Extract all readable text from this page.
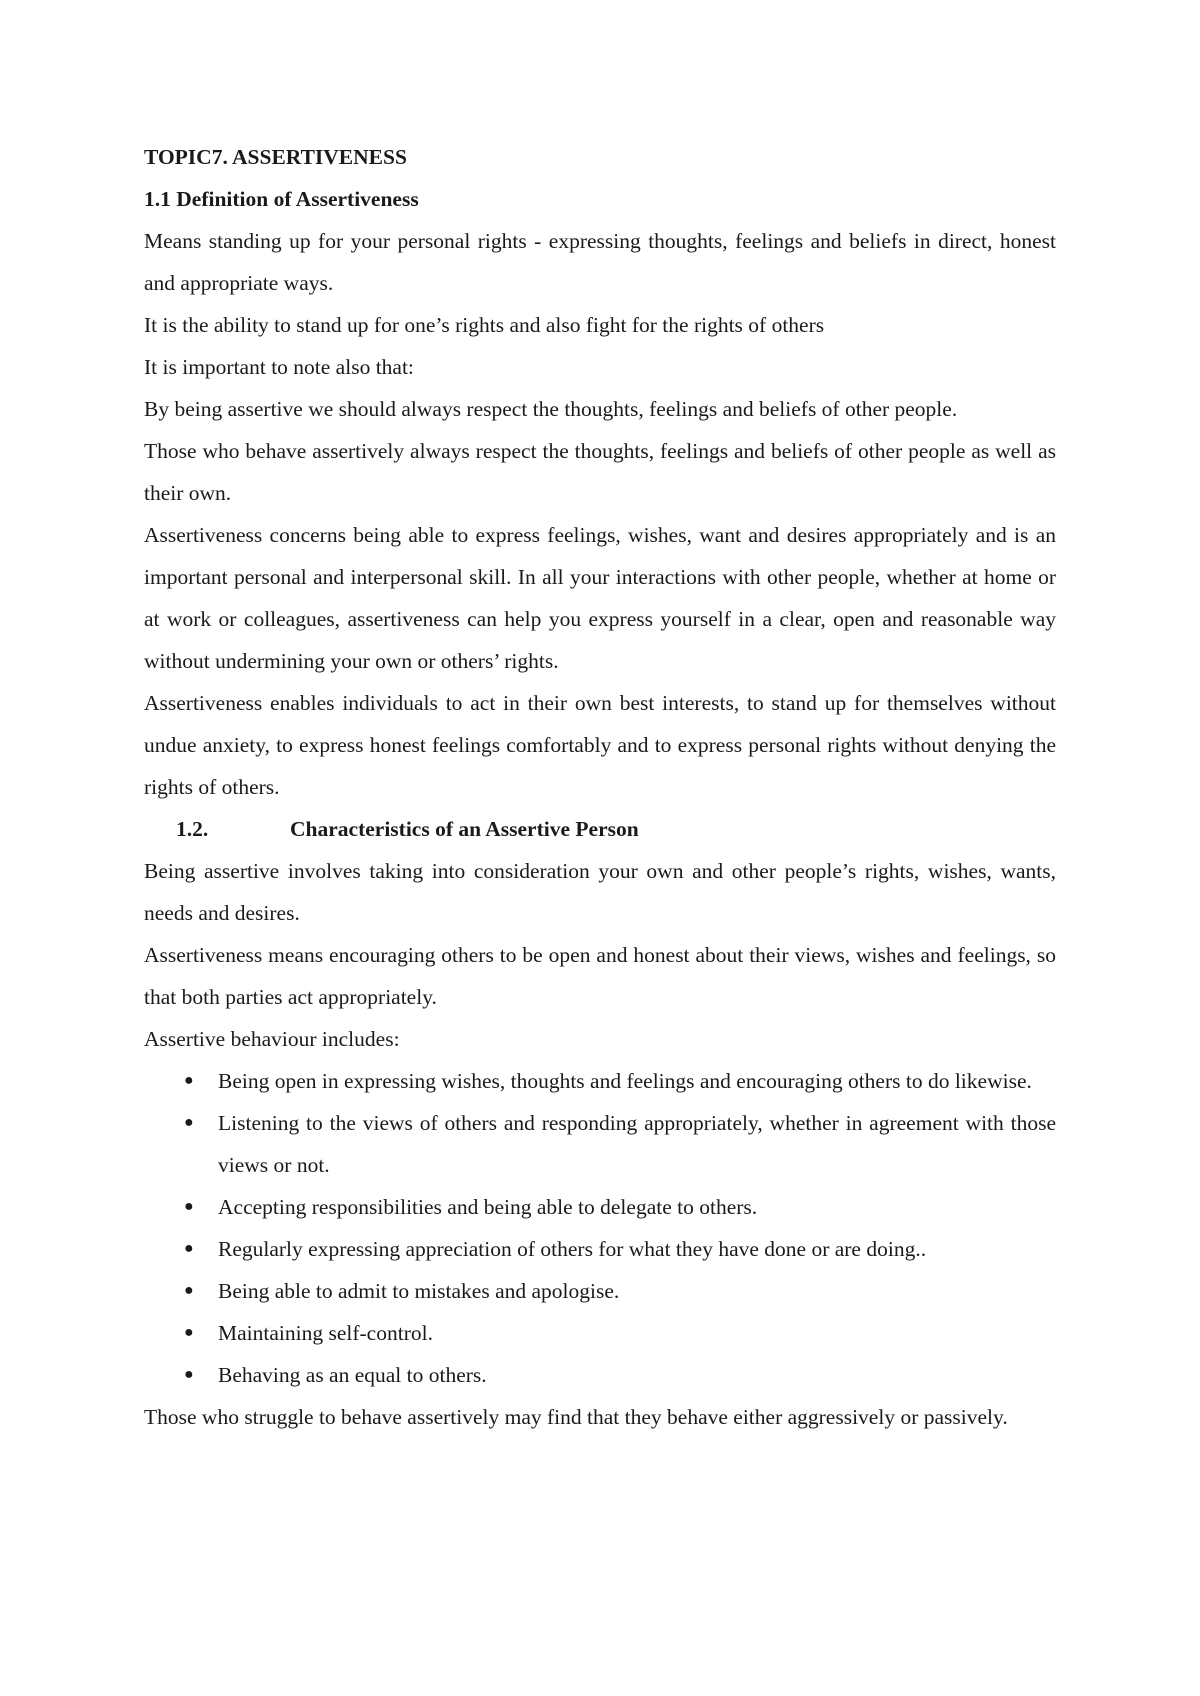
TOPIC7. ASSERTIVENESS

1.1 Definition of Assertiveness

Means standing up for your personal rights - expressing thoughts, feelings and beliefs in direct, honest and appropriate ways.

It is the ability to stand up for one’s rights and also fight for the rights of others

It is important to note also that:

By being assertive we should always respect the thoughts, feelings and beliefs of other people.

Those who behave assertively always respect the thoughts, feelings and beliefs of other people as well as their own.

Assertiveness concerns being able to express feelings, wishes, want and desires appropriately and is an important personal and interpersonal skill. In all your interactions with other people, whether at home or at work or colleagues, assertiveness can help you express yourself in a clear, open and reasonable way without undermining your own or others’ rights.

Assertiveness enables individuals to act in their own best interests, to stand up for themselves without undue anxiety, to express honest feelings comfortably and to express personal rights without denying the rights of others.

1.2.	Characteristics of an Assertive Person

Being assertive involves taking into consideration your own and other people’s rights, wishes, wants, needs and desires.

Assertiveness means encouraging others to be open and honest about their views, wishes and feelings, so that both parties act appropriately.

Assertive behaviour includes:

● Being open in expressing wishes, thoughts and feelings and encouraging others to do likewise.
● Listening to the views of others and responding appropriately, whether in agreement with those views or not.
● Accepting responsibilities and being able to delegate to others.
● Regularly expressing appreciation of others for what they have done or are doing..
● Being able to admit to mistakes and apologise.
● Maintaining self-control.
● Behaving as an equal to others.

Those who struggle to behave assertively may find that they behave either aggressively or passively.
